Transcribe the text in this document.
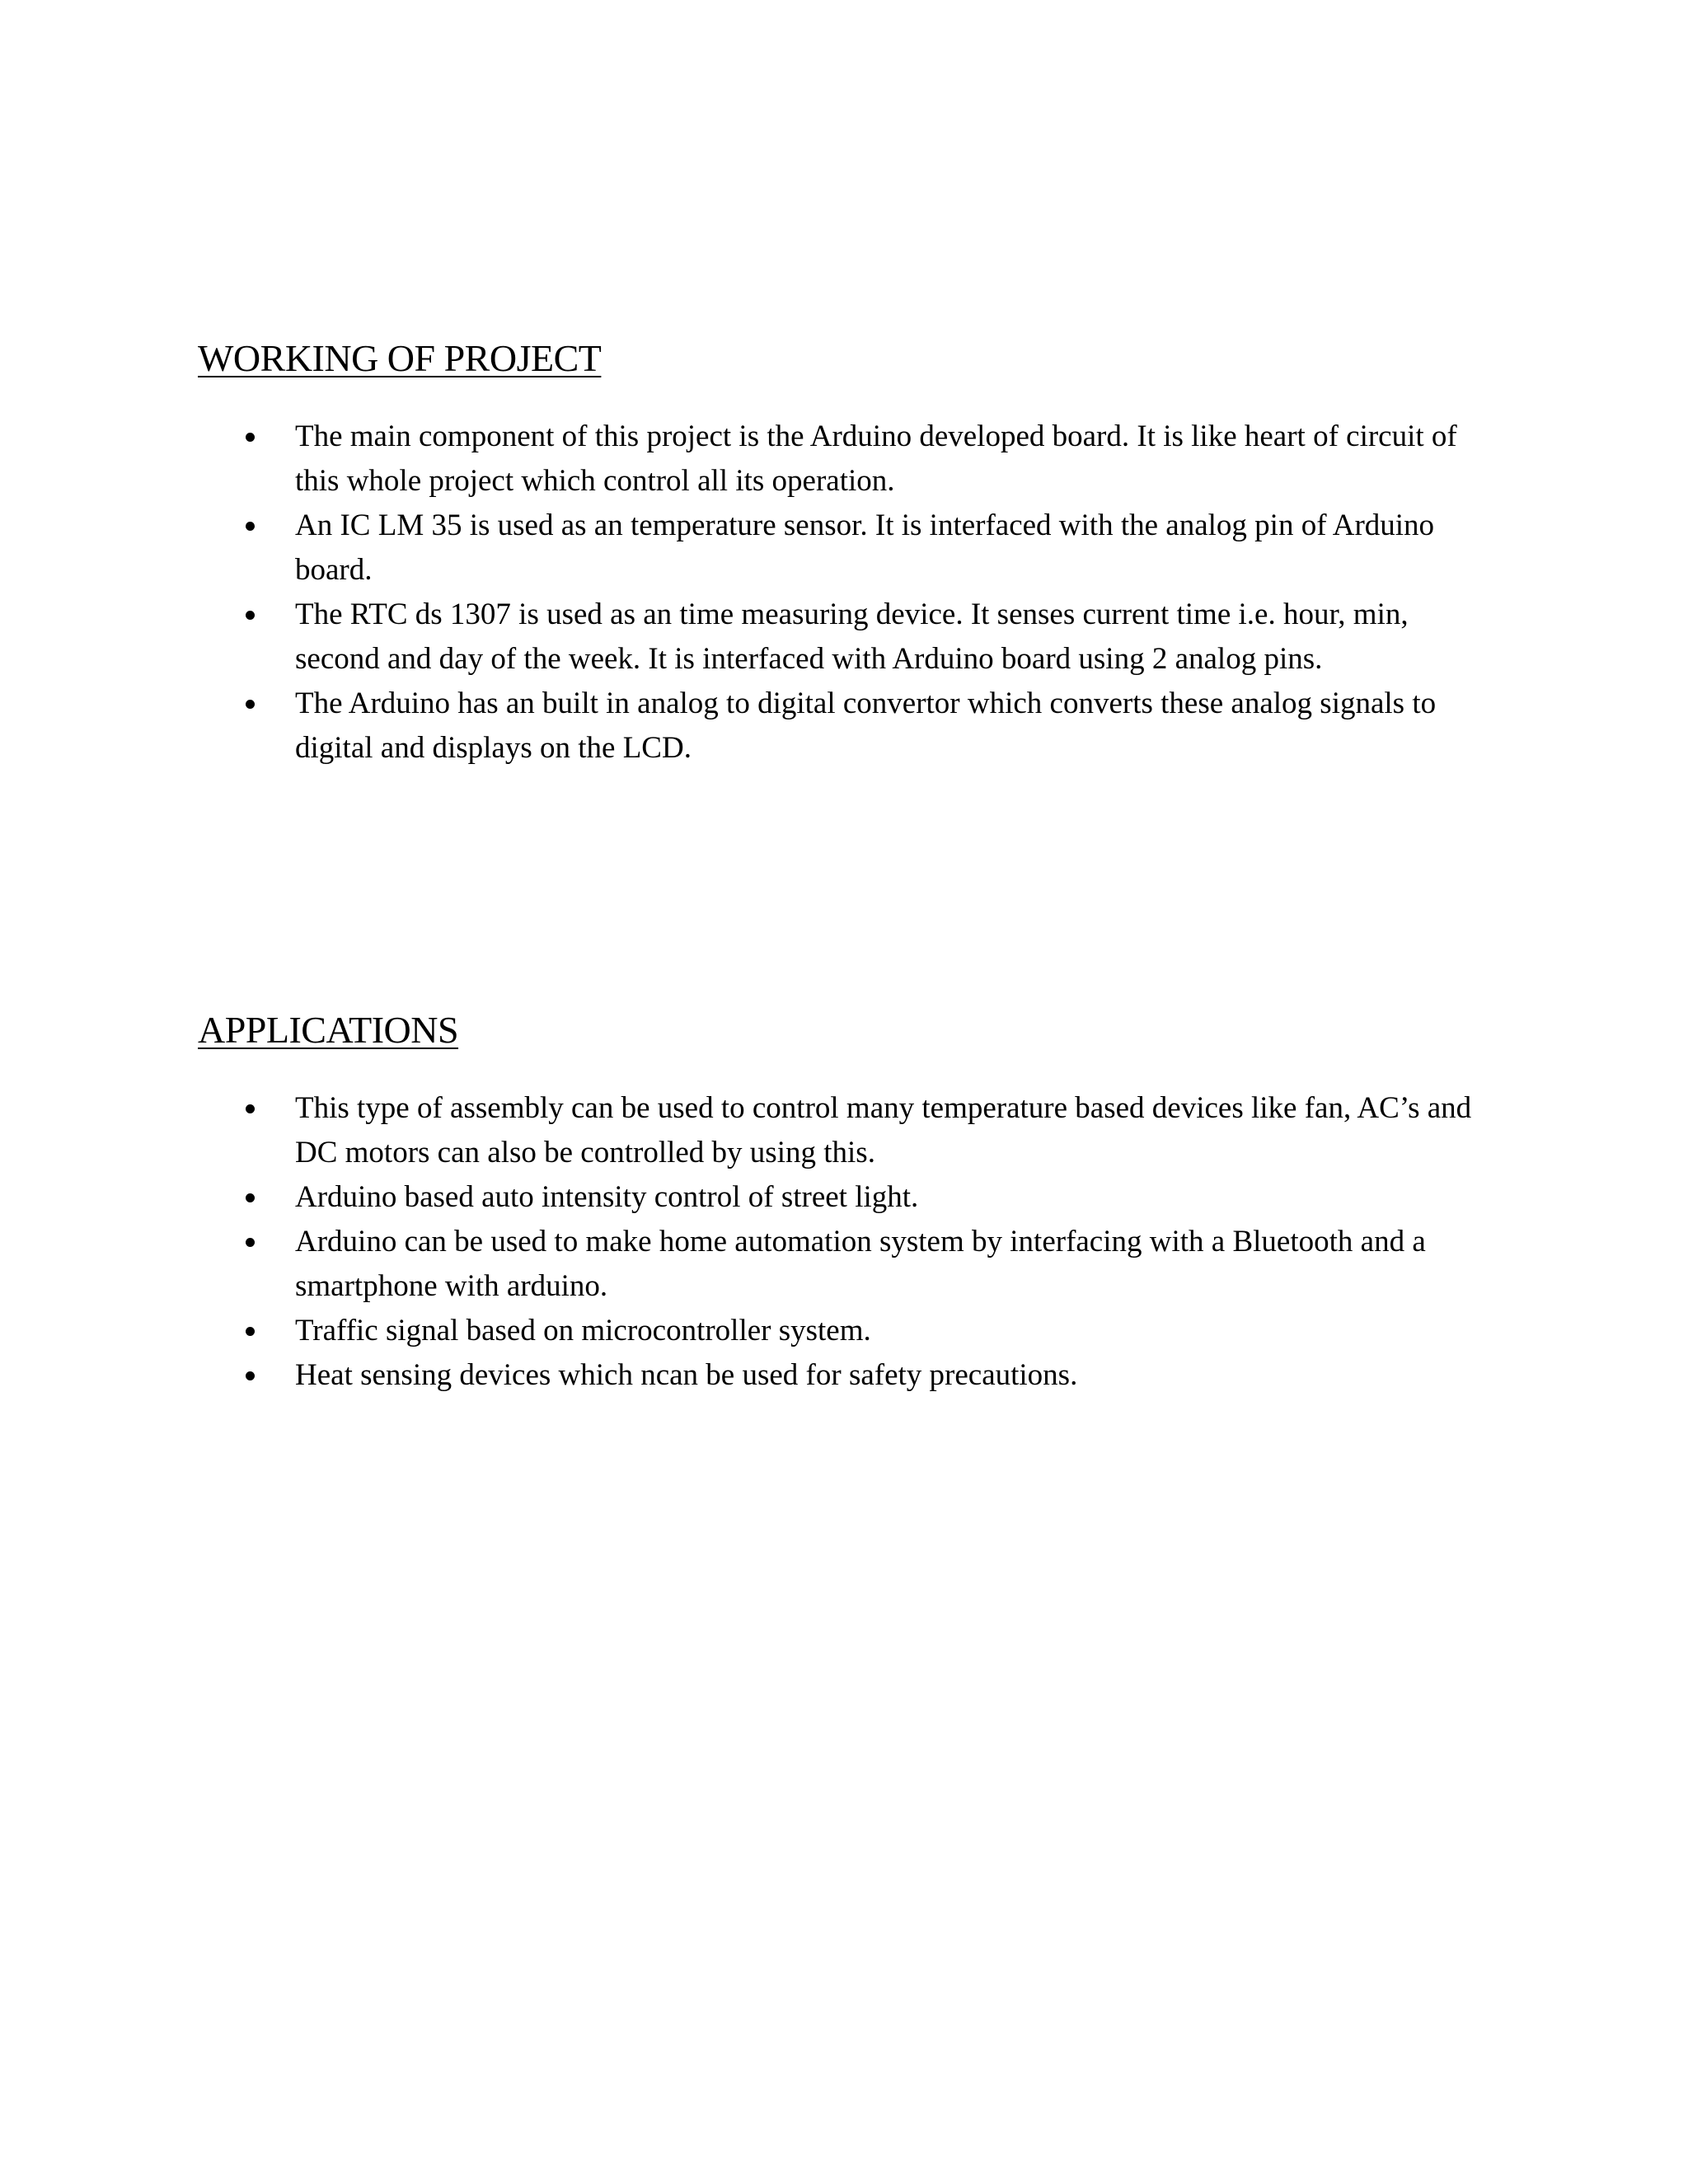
WORKING OF PROJECT
The main component of this project is the Arduino developed board. It is like heart of circuit of this whole project which control all its operation.
An IC LM 35 is used as an temperature sensor. It is interfaced with the analog pin of Arduino board.
The RTC ds 1307 is used as an time measuring device. It senses current time i.e. hour, min, second and day of the week. It is interfaced with Arduino board using 2 analog pins.
The Arduino has an built in analog to digital convertor which converts these analog signals to digital and displays on the LCD.
APPLICATIONS
This type of assembly can be used to control many temperature based devices like fan, AC’s and DC motors can also be controlled by using this.
Arduino based auto intensity control of street light.
Arduino can be used to make home automation system by interfacing with a Bluetooth and a smartphone with arduino.
Traffic signal based on microcontroller system.
Heat sensing devices which ncan be used for safety precautions.
